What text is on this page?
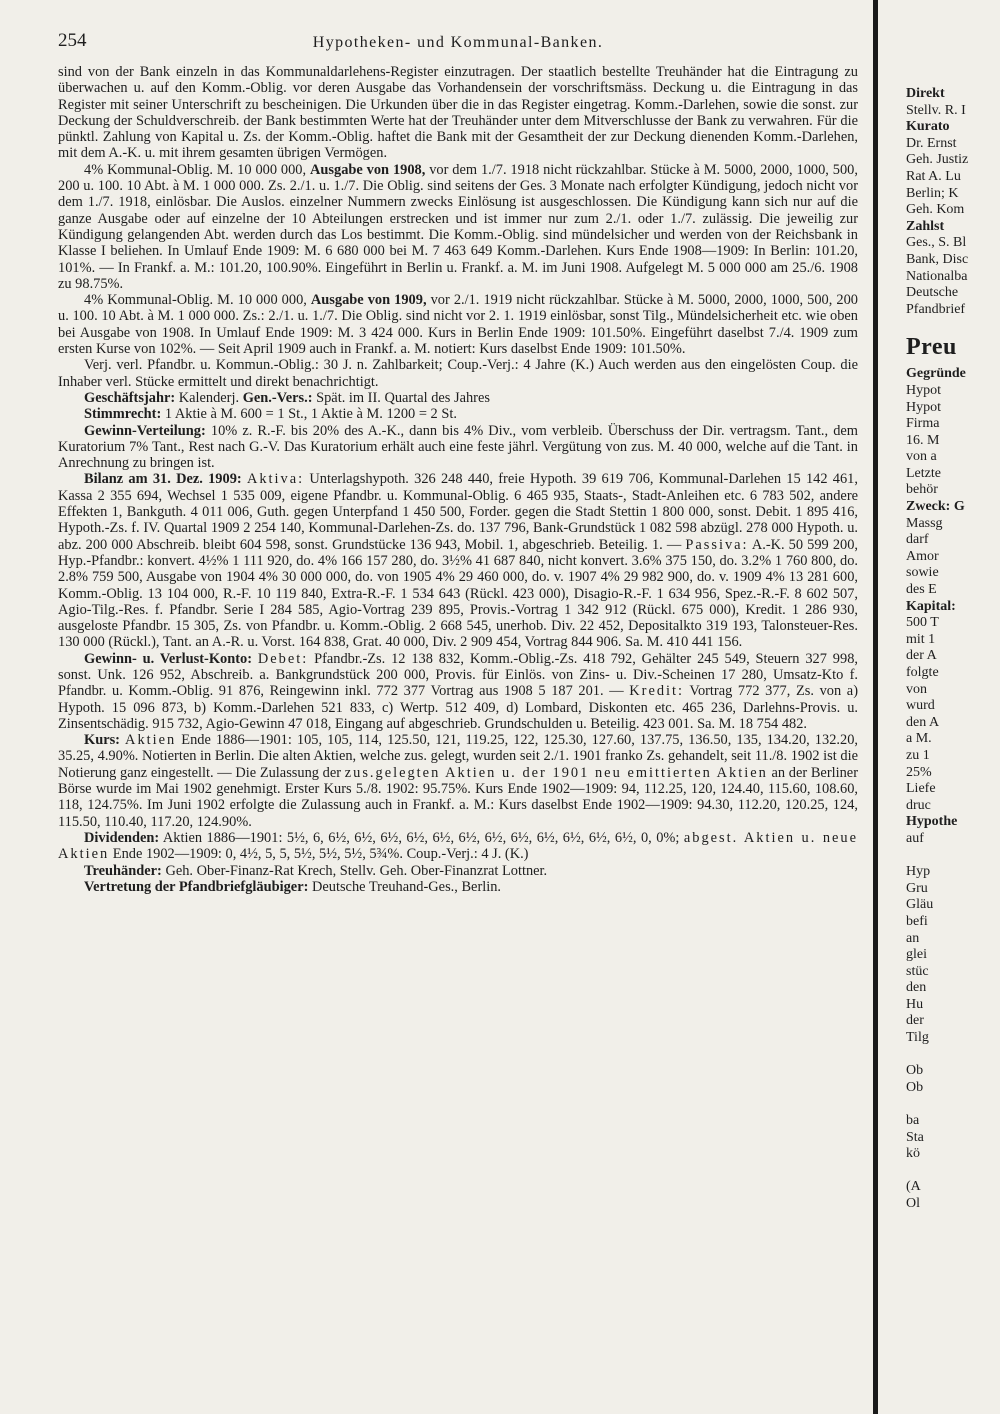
254	Hypotheken- und Kommunal-Banken.

sind von der Bank einzeln in das Kommunaldarlehens-Register einzutragen. Der staatlich bestellte Treuhänder hat die Eintragung zu überwachen u. auf den Komm.-Oblig. vor deren Ausgabe das Vorhandensein der vorschriftsmäss. Deckung u. die Eintragung in das Register mit seiner Unterschrift zu bescheinigen. Die Urkunden über die in das Register eingetrag. Komm.-Darlehen, sowie die sonst. zur Deckung der Schuldverschreib. der Bank bestimmten Werte hat der Treuhänder unter dem Mitverschlusse der Bank zu verwahren. Für die pünktl. Zahlung von Kapital u. Zs. der Komm.-Oblig. haftet die Bank mit der Gesamtheit der zur Deckung dienenden Komm.-Darlehen, mit dem A.-K. u. mit ihrem gesamten übrigen Vermögen.

4% Kommunal-Oblig. M. 10 000 000, Ausgabe von 1908, vor dem 1./7. 1918 nicht rückzahlbar. Stücke à M. 5000, 2000, 1000, 500, 200 u. 100. 10 Abt. à M. 1 000 000. Zs. 2./1. u. 1./7. Die Oblig. sind seitens der Ges. 3 Monate nach erfolgter Kündigung, jedoch nicht vor dem 1./7. 1918, einlösbar. Die Auslos. einzelner Nummern zwecks Einlösung ist ausgeschlossen. Die Kündigung kann sich nur auf die ganze Ausgabe oder auf einzelne der 10 Abteilungen erstrecken und ist immer nur zum 2./1. oder 1./7. zulässig. Die jeweilig zur Kündigung gelangenden Abt. werden durch das Los bestimmt. Die Komm.-Oblig. sind mündelsicher und werden von der Reichsbank in Klasse I beliehen. In Umlauf Ende 1909: M. 6 680 000 bei M. 7 463 649 Komm.-Darlehen. Kurs Ende 1908—1909: In Berlin: 101.20, 101%. — In Frankf. a. M.: 101.20, 100.90%. Eingeführt in Berlin u. Frankf. a. M. im Juni 1908. Aufgelegt M. 5 000 000 am 25./6. 1908 zu 98.75%.

4% Kommunal-Oblig. M. 10 000 000, Ausgabe von 1909, vor 2./1. 1919 nicht rückzahlbar. Stücke à M. 5000, 2000, 1000, 500, 200 u. 100. 10 Abt. à M. 1 000 000. Zs.: 2./1. u. 1./7. Die Oblig. sind nicht vor 2. 1. 1919 einlösbar, sonst Tilg., Mündelsicherheit etc. wie oben bei Ausgabe von 1908. In Umlauf Ende 1909: M. 3 424 000. Kurs in Berlin Ende 1909: 101.50%. Eingeführt daselbst 7./4. 1909 zum ersten Kurse von 102%. — Seit April 1909 auch in Frankf. a. M. notiert: Kurs daselbst Ende 1909: 101.50%.

Verj. verl. Pfandbr. u. Kommun.-Oblig.: 30 J. n. Zahlbarkeit; Coup.-Verj.: 4 Jahre (K.) Auch werden aus den eingelösten Coup. die Inhaber verl. Stücke ermittelt und direkt benachrichtigt.

Geschäftsjahr: Kalenderj. Gen.-Vers.: Spät. im II. Quartal des Jahres

Stimmrecht: 1 Aktie à M. 600 = 1 St., 1 Aktie à M. 1200 = 2 St.

Gewinn-Verteilung: 10% z. R.-F. bis 20% des A.-K., dann bis 4% Div., vom verbleib. Überschuss der Dir. vertragsm. Tant., dem Kuratorium 7% Tant., Rest nach G.-V. Das Kuratorium erhält auch eine feste jährl. Vergütung von zus. M. 40 000, welche auf die Tant. in Anrechnung zu bringen ist.

Bilanz am 31. Dez. 1909: Aktiva: Unterlagshypoth. 326 248 440, freie Hypoth. 39 619 706, Kommunal-Darlehen 15 142 461, Kassa 2 355 694, Wechsel 1 535 009, eigene Pfandbr. u. Kommunal-Oblig. 6 465 935, Staats-, Stadt-Anleihen etc. 6 783 502, andere Effekten 1, Bankguth. 4 011 006, Guth. gegen Unterpfand 1 450 500, Forder. gegen die Stadt Stettin 1 800 000, sonst. Debit. 1 895 416, Hypoth.-Zs. f. IV. Quartal 1909 2 254 140, Kommunal-Darlehen-Zs. do. 137 796, Bank-Grundstück 1 082 598 abzügl. 278 000 Hypoth. u. abz. 200 000 Abschreib. bleibt 604 598, sonst. Grundstücke 136 943, Mobil. 1, abgeschrieb. Beteilig. 1. — Passiva: A.-K. 50 599 200, Hyp.-Pfandbr.: konvert. 4½% 1 111 920, do. 4% 166 157 280, do. 3½% 41 687 840, nicht konvert. 3.6% 375 150, do. 3.2% 1 760 800, do. 2.8% 759 500, Ausgabe von 1904 4% 30 000 000, do. von 1905 4% 29 460 000, do. v. 1907 4% 29 982 900, do. v. 1909 4% 13 281 600, Komm.-Oblig. 13 104 000, R.-F. 10 119 840, Extra-R.-F. 1 534 643 (Rückl. 423 000), Disagio-R.-F. 1 634 956, Spez.-R.-F. 8 602 507, Agio-Tilg.-Res. f. Pfandbr. Serie I 284 585, Agio-Vortrag 239 895, Provis.-Vortrag 1 342 912 (Rückl. 675 000), Kredit. 1 286 930, ausgeloste Pfandbr. 15 305, Zs. von Pfandbr. u. Komm.-Oblig. 2 668 545, unerhob. Div. 22 452, Depositalkto 319 193, Talonsteuer-Res. 130 000 (Rückl.), Tant. an A.-R. u. Vorst. 164 838, Grat. 40 000, Div. 2 909 454, Vortrag 844 906. Sa. M. 410 441 156.

Gewinn- u. Verlust-Konto: Debet: Pfandbr.-Zs. 12 138 832, Komm.-Oblig.-Zs. 418 792, Gehälter 245 549, Steuern 327 998, sonst. Unk. 126 952, Abschreib. a. Bankgrundstück 200 000, Provis. für Einlös. von Zins- u. Div.-Scheinen 17 280, Umsatz-Kto f. Pfandbr. u. Komm.-Oblig. 91 876, Reingewinn inkl. 772 377 Vortrag aus 1908 5 187 201. — Kredit: Vortrag 772 377, Zs. von a) Hypoth. 15 096 873, b) Komm.-Darlehen 521 833, c) Wertp. 512 409, d) Lombard, Diskonten etc. 465 236, Darlehns-Provis. u. Zinsentschädig. 915 732, Agio-Gewinn 47 018, Eingang auf abgeschrieb. Grundschulden u. Beteilig. 423 001. Sa. M. 18 754 482.

Kurs: Aktien Ende 1886—1901: 105, 105, 114, 125.50, 121, 119.25, 122, 125.30, 127.60, 137.75, 136.50, 135, 134.20, 132.20, 35.25, 4.90%. Notierten in Berlin. Die alten Aktien, welche zus. gelegt, wurden seit 2./1. 1901 franko Zs. gehandelt, seit 11./8. 1902 ist die Notierung ganz eingestellt. — Die Zulassung der zus.gelegten Aktien u. der 1901 neu emittierten Aktien an der Berliner Börse wurde im Mai 1902 genehmigt. Erster Kurs 5./8. 1902: 95.75%. Kurs Ende 1902—1909: 94, 112.25, 120, 124.40, 115.60, 108.60, 118, 124.75%. Im Juni 1902 erfolgte die Zulassung auch in Frankf. a. M.: Kurs daselbst Ende 1902—1909: 94.30, 112.20, 120.25, 124, 115.50, 110.40, 117.20, 124.90%.

Dividenden: Aktien 1886—1901: 5½, 6, 6½, 6½, 6½, 6½, 6½, 6½, 6½, 6½, 6½, 6½, 6½, 6½, 0, 0%; abgest. Aktien u. neue Aktien Ende 1902—1909: 0, 4½, 5, 5, 5½, 5½, 5½, 5¾%. Coup.-Verj.: 4 J. (K.)

Treuhänder: Geh. Ober-Finanz-Rat Krech, Stellv. Geh. Ober-Finanzrat Lottner.

Vertretung der Pfandbriefgläubiger: Deutsche Treuhand-Ges., Berlin.

Direkt
Stellv. R. I
Kurato
Dr. Ernst
Geh. Justiz
Rat A. Lu
Berlin; K
Geh. Kom
Zahlst
Ges., S. Bl
Bank, Disc
Nationalba
Deutsche
Pfandbrief
Preu
Gegründe
Hypot
Hypot
Firma
16. M
von a
Letzte
behör
Zweck: G
Massg
darf
Amor
sowie
des E
Kapital:
500 T
mit 1
der A
folgte
von
wurd
den A
a M.
zu 1
25%
Liefe
druc
Hypothe
auf

Hyp
Gru
Gläu
befi
an
glei
stüc
den
Hu
der
Tilg

Ob
Ob

ba
Sta
kö

(A
Ol
